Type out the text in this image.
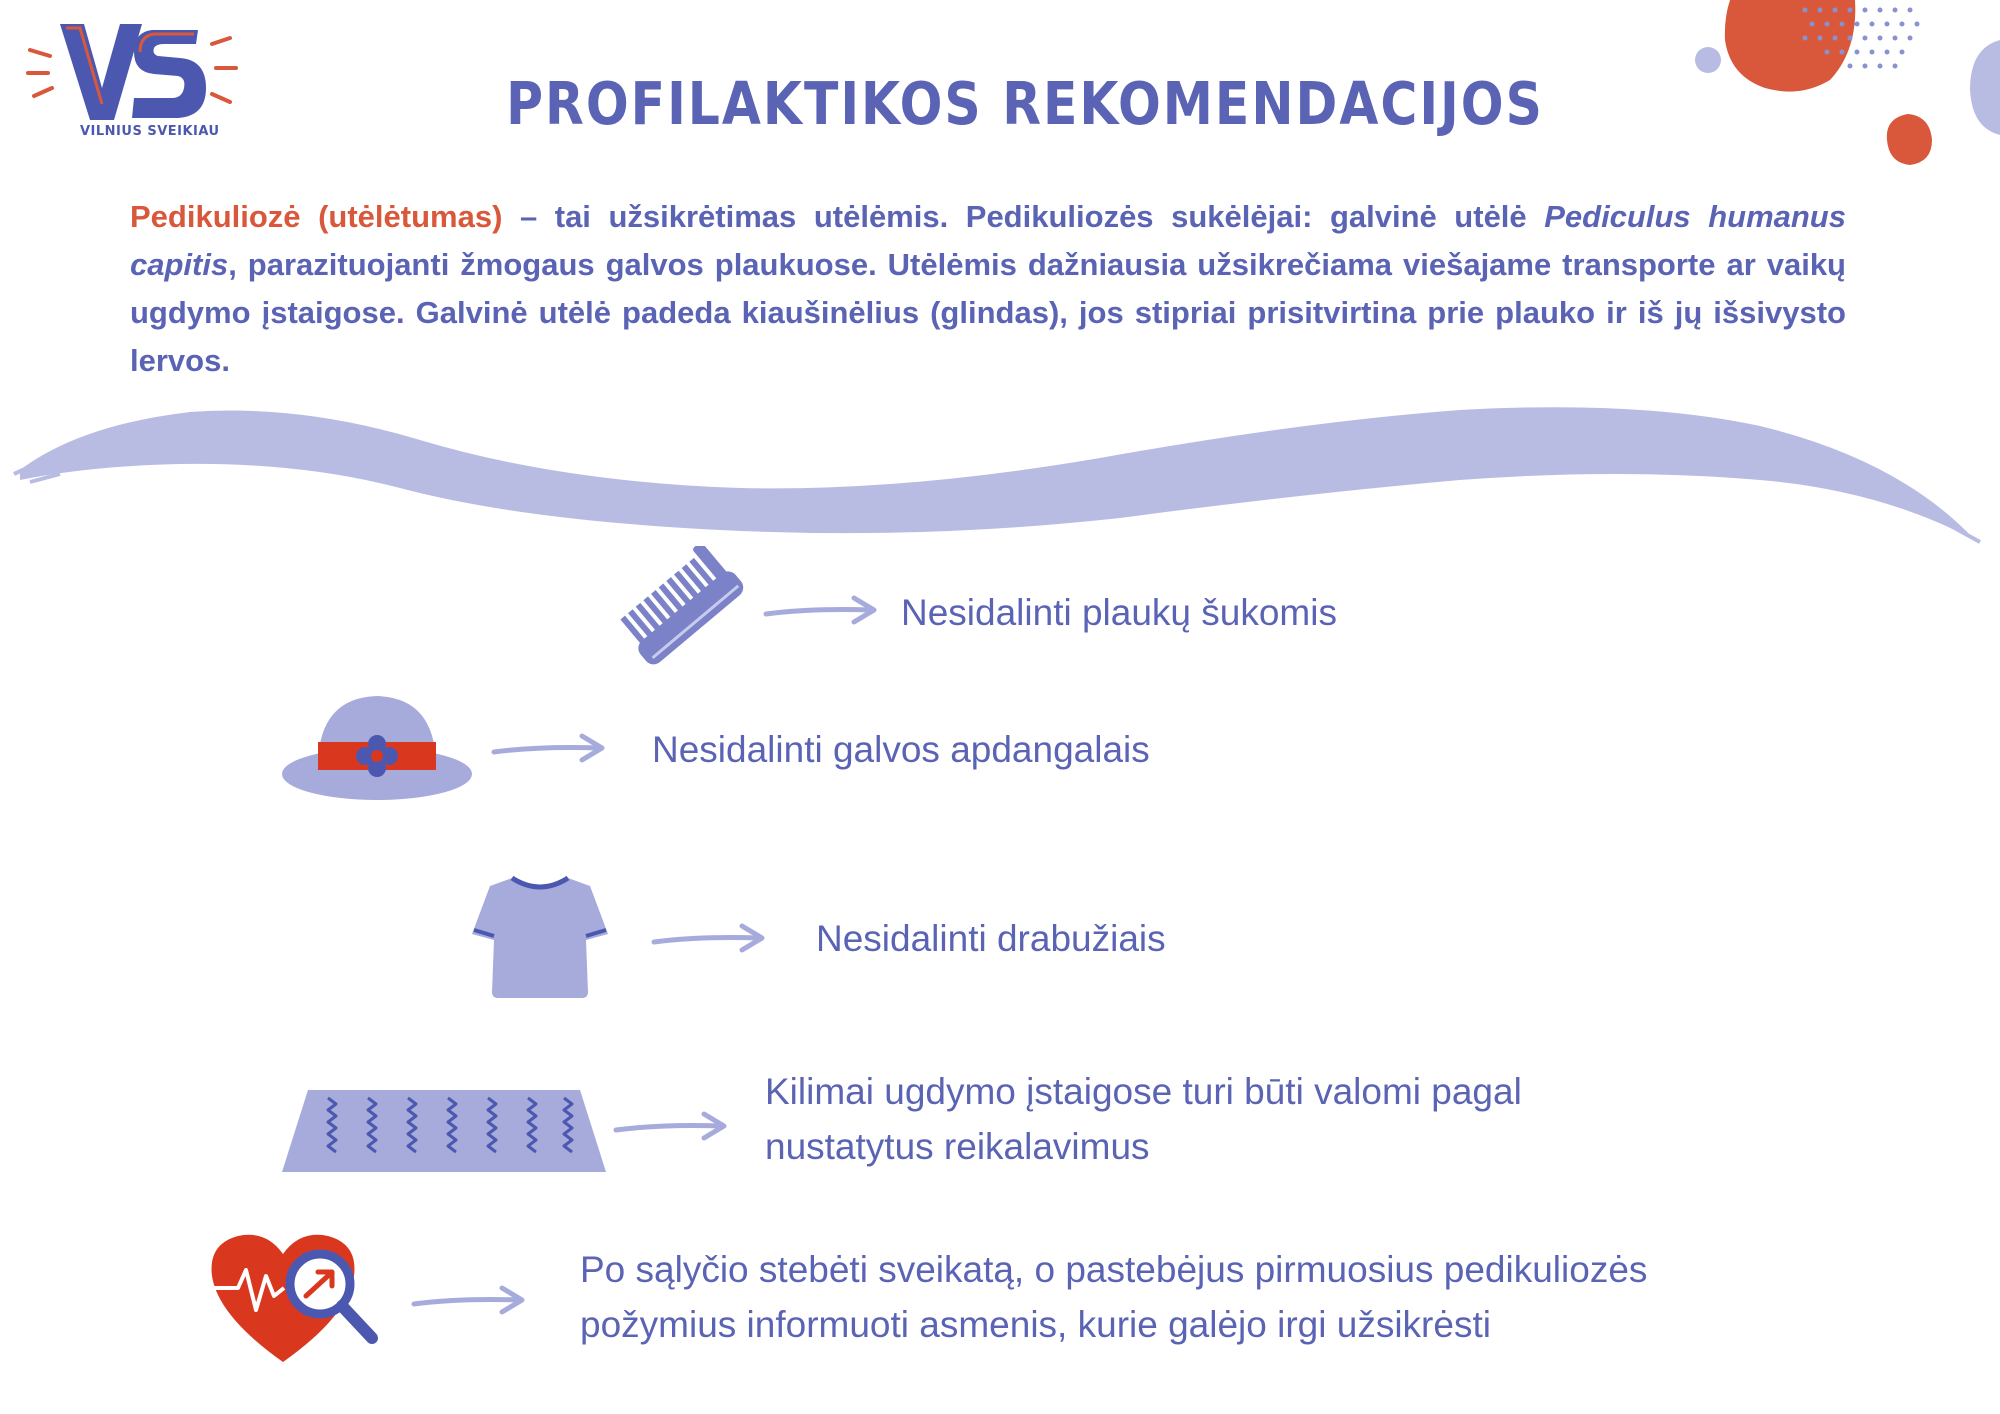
VILNIUS SVEIKIAU	PROFILAKTIKOS REKOMENDACIJOS
Pedikuliozė (utėlėtumas) – tai užsikrėtimas utėlėmis. Pedikuliozės sukėlėjai: galvinė utėlė Pediculus humanus capitis, parazituojanti žmogaus galvos plaukuose. Utėlėmis dažniausia užsikrečiama viešajame transporte ar vaikų ugdymo įstaigose. Galvinė utėlė padeda kiaušinėlius (glindas), jos stipriai prisitvirtina prie plauko ir iš jų išsivysto lervos.
Nesidalinti plaukų šukomis
Nesidalinti galvos apdangalais
Nesidalinti drabužiais
Kilimai ugdymo įstaigose turi būti valomi pagal
nustatytus reikalavimus
Po sąlyčio stebėti sveikatą, o pastebėjus pirmuosius pedikuliozės
požymius informuoti asmenis, kurie galėjo irgi užsikrėsti
